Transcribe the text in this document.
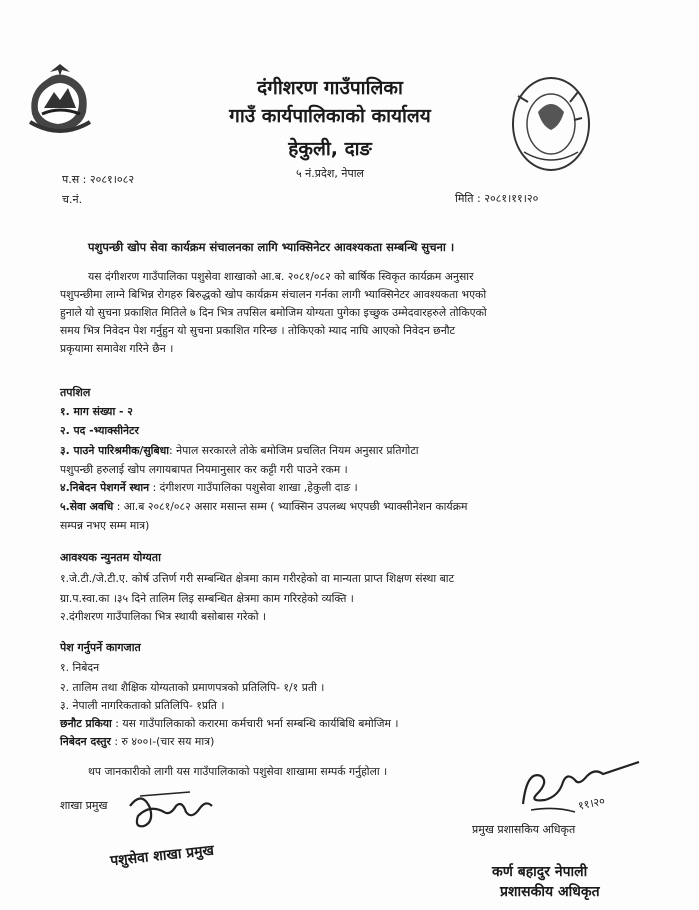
दंगीशरण गाउँपालिका
गाउँ कार्यपालिकाको कार्यालय
हेकुली, दाङ
५ नं.प्रदेश, नेपाल
प.स : २०८१।०८२
च.नं.	मिति : २०८१।११।२०
पशुपन्छी खोप सेवा कार्यक्रम संचालनका लागि भ्याक्सिनेटर आवश्यकता सम्बन्धि सुचना ।
यस दंगीशरण गाउँपालिका पशुसेवा शाखाको आ.ब. २०८१/०८२ को बार्षिक स्विकृत कार्यक्रम अनुसार
पशुपन्छीमा लाग्ने बिभिन्न रोगहरु बिरुद्धको खोप कार्यक्रम संचालन गर्नका लागी भ्याक्सिनेटर आवश्यकता भएको
हुनाले यो सुचना प्रकाशित मितिले ७ दिन भित्र तपसिल बमोजिम योग्यता पुगेका इच्छुक उम्मेदवारहरुले तोकिएको
समय भित्र निवेदन पेश गर्नुहुन यो सुचना प्रकाशित गरिन्छ । तोकिएको म्याद नाघि आएको निवेदन छनौट
प्रकृयामा समावेश गरिने छैन ।
तपशिल
१. माग संख्या - २
२. पद -भ्याक्सीनेटर
३. पाउने पारिश्रमीक/सुबिधा: नेपाल सरकारले तोके बमोजिम प्रचलित नियम अनुसार प्रतिगोटा
पशुपन्छी हरुलाई खोप लगायबापत नियमानुसार कर कट्टी गरी पाउने रकम ।
४.निबेदन पेशगर्ने स्थान : दंगीशरण गाउँपालिका पशुसेवा शाखा ,हेकुली दाङ ।
५.सेवा अवधि : आ.ब २०८१/०८२ असार मसान्त सम्म ( भ्याक्सिन उपलब्ध भएपछी भ्याक्सीनेशन कार्यक्रम
सम्पन्न नभए सम्म मात्र)
आवश्यक न्युनतम योग्यता
१.जे.टी./जे.टी.ए. कोर्ष उत्तिर्ण गरी सम्बन्धित क्षेत्रमा काम गरीरहेको वा मान्यता प्राप्त शिक्षण संस्था बाट
ग्रा.प.स्वा.का ।३५ दिने तालिम लिइ सम्बन्धित क्षेत्रमा काम गरिरहेको व्यक्ति ।
२.दंगीशरण गाउँपालिका भित्र स्थायी बसोबास गरेको ।
पेश गर्नुपर्ने कागजात
१. निबेदन
२. तालिम तथा शैक्षिक योग्यताको प्रमाणपत्रको प्रतिलिपि- १/१ प्रती ।
३. नेपाली नागरिकताको प्रतिलिपि- १प्रति ।
छनौट प्रकिया : यस गाउँपालिकाको करारमा कर्मचारी भर्ना सम्बन्धि कार्यबिधि बमोजिम ।
निबेदन दस्तुर : रु ४००।-(चार सय मात्र)
थप जानकारीको लागी यस गाउँपालिकाको पशुसेवा शाखामा सम्पर्क गर्नुहोला ।
शाखा प्रमुख
पशुसेवा शाखा प्रमुख
११।२०
प्रमुख प्रशासकिय अधिकृत
कर्ण बहादुर नेपाली
प्रशासकीय अधिकृत
